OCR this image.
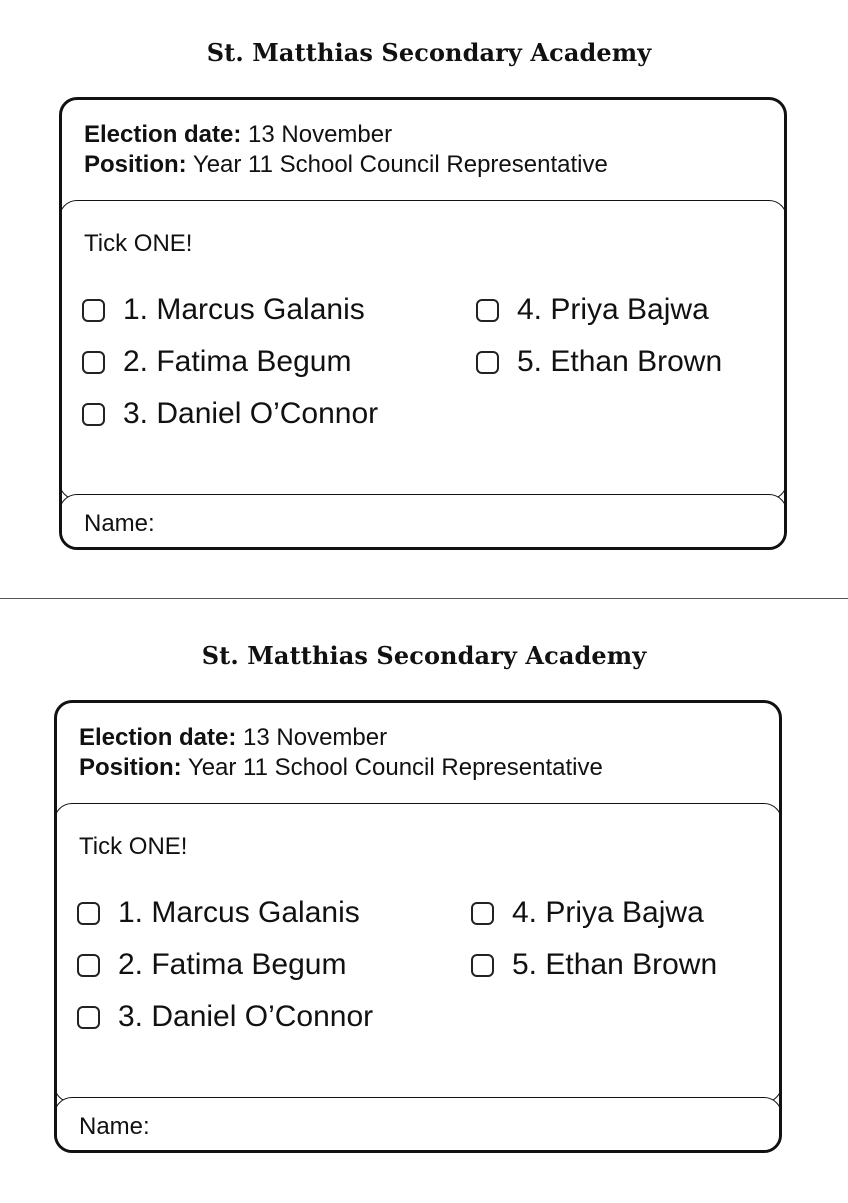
St. Matthias Secondary Academy
Election date: 13 November
Position: Year 11 School Council Representative
Tick ONE!
1. Marcus Galanis
2. Fatima Begum
3. Daniel O’Connor
4. Priya Bajwa
5. Ethan Brown
Name:
St. Matthias Secondary Academy
Election date: 13 November
Position: Year 11 School Council Representative
Tick ONE!
1. Marcus Galanis
2. Fatima Begum
3. Daniel O’Connor
4. Priya Bajwa
5. Ethan Brown
Name:
